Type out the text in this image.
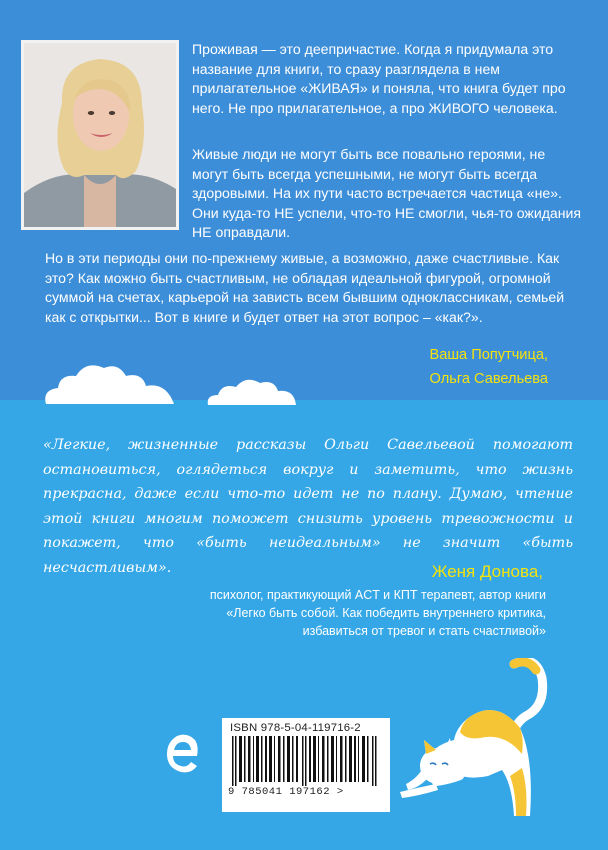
Проживая — это деепричастие. Когда я придумала это название для книги, то сразу разглядела в нем прилагательное «ЖИВАЯ» и поняла, что книга будет про него. Не про прилагательное, а про ЖИВОГО человека.

Живые люди не могут быть все повально героями, не могут быть всегда успешными, не могут быть всегда здоровыми. На их пути часто встречается частица «не». Они куда-то НЕ успели, что-то НЕ смогли, чья-то ожидания НЕ оправдали.

Но в эти периоды они по-прежнему живые, а возможно, даже счастливые. Как это? Как можно быть счастливым, не обладая идеальной фигурой, огромной суммой на счетах, карьерой на зависть всем бывшим одноклассникам, семьей как с открытки... Вот в книге и будет ответ на этот вопрос – «как?».

Ваша Попутчица,

Ольга Савельева

«Легкие, жизненные рассказы Ольги Савельевой помогают остановиться, оглядеться вокруг и заметить, что жизнь прекрасна, даже если что-то идет не по плану. Думаю, чтение этой книги многим поможет снизить уровень тревожности и покажет, что «быть неидеальным» не значит «быть несчастливым».	Женя Донова,

психолог, практикующий ACT и КПТ терапевт, автор книги

«Легко быть собой. Как победить внутреннего критика,

избавиться от тревог и стать счастливой»

ISBN 978-5-04-119716-2

9 785041 197162 >
